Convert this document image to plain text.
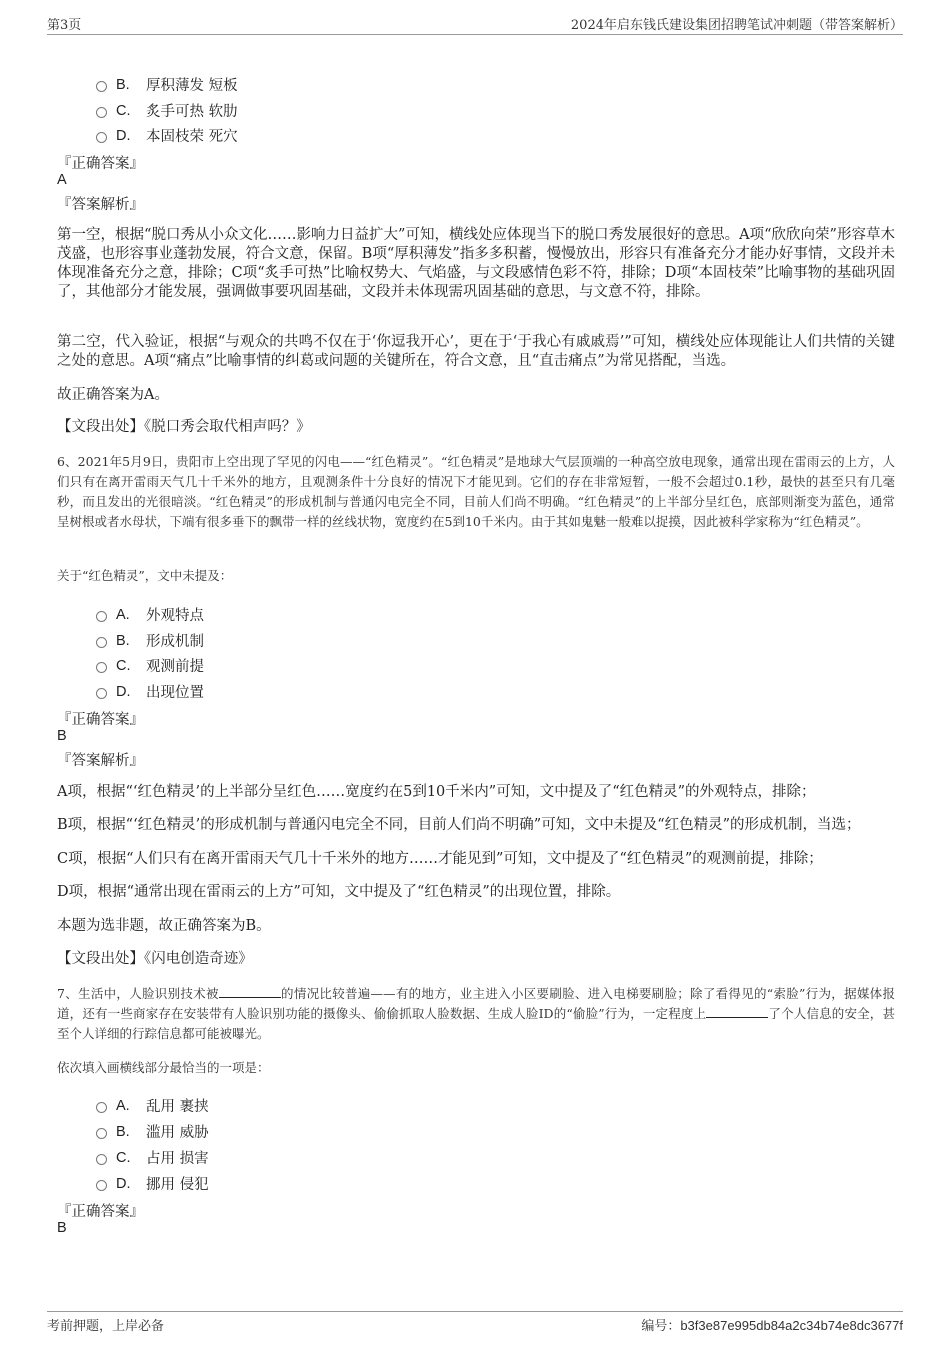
第3页	2024年启东钱氏建设集团招聘笔试冲刺题（带答案解析）
B.	厚积薄发 短板
C.	炙手可热 软肋
D.	本固枝荣 死穴
『正确答案』
A
『答案解析』
第一空，根据“脱口秀从小众文化……影响力日益扩大”可知，横线处应体现当下的脱口秀发展很好的意思。A项“欣欣向荣”形容草木茂盛，也形容事业蓬勃发展，符合文意，保留。B项“厚积薄发”指多多积蓄，慢慢放出，形容只有准备充分才能办好事情，文段并未体现准备充分之意，排除；C项“炙手可热”比喻权势大、气焰盛，与文段感情色彩不符，排除；D项“本固枝荣”比喻事物的基础巩固了，其他部分才能发展，强调做事要巩固基础，文段并未体现需巩固基础的意思，与文意不符，排除。
第二空，代入验证，根据“与观众的共鸣不仅在于‘你逗我开心’，更在于‘于我心有戚戚焉’”可知，横线处应体现能让人们共情的关键之处的意思。A项“痛点”比喻事情的纠葛或问题的关键所在，符合文意，且“直击痛点”为常见搭配，当选。
故正确答案为A。
【文段出处】《脱口秀会取代相声吗？》
6、2021年5月9日，贵阳市上空出现了罕见的闪电——“红色精灵”。“红色精灵”是地球大气层顶端的一种高空放电现象，通常出现在雷雨云的上方，人们只有在离开雷雨天气几十千米外的地方，且观测条件十分良好的情况下才能见到。它们的存在非常短暂，一般不会超过0.1秒，最快的甚至只有几毫秒，而且发出的光很暗淡。“红色精灵”的形成机制与普通闪电完全不同，目前人们尚不明确。“红色精灵”的上半部分呈红色，底部则渐变为蓝色，通常呈树根或者水母状，下端有很多垂下的飘带一样的丝线状物，宽度约在5到10千米内。由于其如鬼魅一般难以捉摸，因此被科学家称为“红色精灵”。
关于“红色精灵”，文中未提及：
A.	外观特点
B.	形成机制
C.	观测前提
D.	出现位置
『正确答案』
B
『答案解析』
A项，根据“‘红色精灵’的上半部分呈红色……宽度约在5到10千米内”可知，文中提及了“红色精灵”的外观特点，排除；
B项，根据“‘红色精灵’的形成机制与普通闪电完全不同，目前人们尚不明确”可知，文中未提及“红色精灵”的形成机制，当选；
C项，根据“人们只有在离开雷雨天气几十千米外的地方……才能见到”可知，文中提及了“红色精灵”的观测前提，排除；
D项，根据“通常出现在雷雨云的上方”可知，文中提及了“红色精灵”的出现位置，排除。
本题为选非题，故正确答案为B。
【文段出处】《闪电创造奇迹》
7、生活中，人脸识别技术被	的情况比较普遍——有的地方，业主进入小区要刷脸、进入电梯要刷脸；除了看得见的“索脸”行为，据媒体报道，还有一些商家存在安装带有人脸识别功能的摄像头、偷偷抓取人脸数据、生成人脸ID的“偷脸”行为，一定程度上	了个人信息的安全，甚至个人详细的行踪信息都可能被曝光。
依次填入画横线部分最恰当的一项是：
A.	乱用 裹挟
B.	滥用 威胁
C.	占用 损害
D.	挪用 侵犯
『正确答案』
B
考前押题，上岸必备	编号：b3f3e87e995db84a2c34b74e8dc3677f
